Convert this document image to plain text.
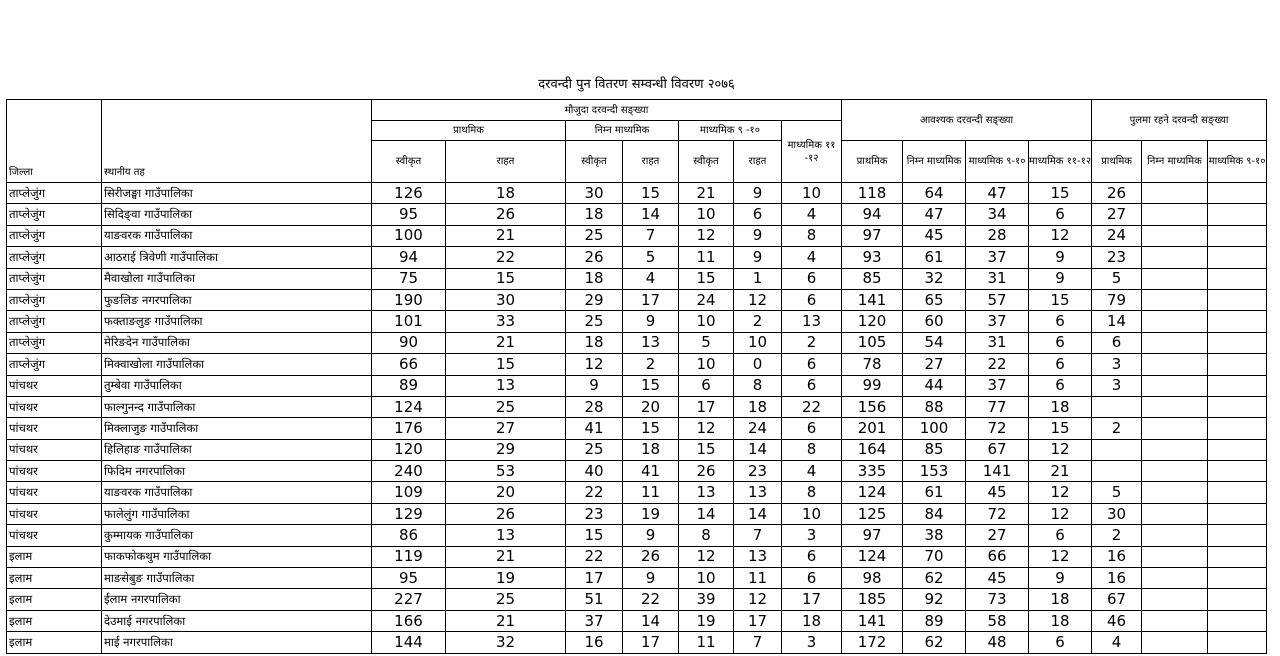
दरवन्दी पुन वितरण सम्वन्धी विवरण २०७६
जिल्ला	स्थानीय तह	मौजुदा दरवन्दी सङ्ख्या							आवश्यक दरवन्दी सङ्ख्या				पुलमा रहने दरवन्दी सङ्ख्या		
		प्राथमिक		निम्न माध्यमिक		माध्यमिक ९ -१०		माध्यमिक ११ -१२							
		स्वीकृत	राहत	स्वीकृत	राहत	स्वीकृत	राहत		प्राथमिक	निम्न माध्यमिक	माध्यमिक ९-१०	माध्यमिक ११-१२	प्राथमिक	निम्न माध्यमिक	माध्यमिक ९-१०
ताप्लेजुंग	सिरीजङ्घा गाउँपालिका	126	18	30	15	21	9	10	118	64	47	15	26		
ताप्लेजुंग	सिदिङ्वा गाउँपालिका	95	26	18	14	10	6	4	94	47	34	6	27		
ताप्लेजुंग	याङवरक गाउँपालिका	100	21	25	7	12	9	8	97	45	28	12	24		
ताप्लेजुंग	आठराई त्रिवेणी गाउँपालिका	94	22	26	5	11	9	4	93	61	37	9	23		
ताप्लेजुंग	मैवाखोला गाउँपालिका	75	15	18	4	15	1	6	85	32	31	9	5		
ताप्लेजुंग	फुङलिङ नगरपालिका	190	30	29	17	24	12	6	141	65	57	15	79		
ताप्लेजुंग	फक्ताङलुङ गाउँपालिका	101	33	25	9	10	2	13	120	60	37	6	14		
ताप्लेजुंग	मेरिङदेन गाउँपालिका	90	21	18	13	5	10	2	105	54	31	6	6		
ताप्लेजुंग	मिक्वाखोला गाउँपालिका	66	15	12	2	10	0	6	78	27	22	6	3		
पांचथर	तुम्बेवा गाउँपालिका	89	13	9	15	6	8	6	99	44	37	6	3		
पांचथर	फाल्गुनन्द गाउँपालिका	124	25	28	20	17	18	22	156	88	77	18			
पांचथर	मिक्लाजुङ गाउँपालिका	176	27	41	15	12	24	6	201	100	72	15	2		
पांचथर	हिलिहाङ गाउँपालिका	120	29	25	18	15	14	8	164	85	67	12			
पांचथर	फिदिम नगरपालिका	240	53	40	41	26	23	4	335	153	141	21			
पांचथर	याङवरक गाउँपालिका	109	20	22	11	13	13	8	124	61	45	12	5		
पांचथर	फालेलुंग गाउँपालिका	129	26	23	19	14	14	10	125	84	72	12	30		
पांचथर	कुम्मायक गाउँपालिका	86	13	15	9	8	7	3	97	38	27	6	2		
इलाम	फाकफोकथुम गाउँपालिका	119	21	22	26	12	13	6	124	70	66	12	16		
इलाम	माङसेबुङ गाउँपालिका	95	19	17	9	10	11	6	98	62	45	9	16		
इलाम	ईलाम नगरपालिका	227	25	51	22	39	12	17	185	92	73	18	67		
इलाम	देउमाई नगरपालिका	166	21	37	14	19	17	18	141	89	58	18	46		
इलाम	माई नगरपालिका	144	32	16	17	11	7	3	172	62	48	6	4		
